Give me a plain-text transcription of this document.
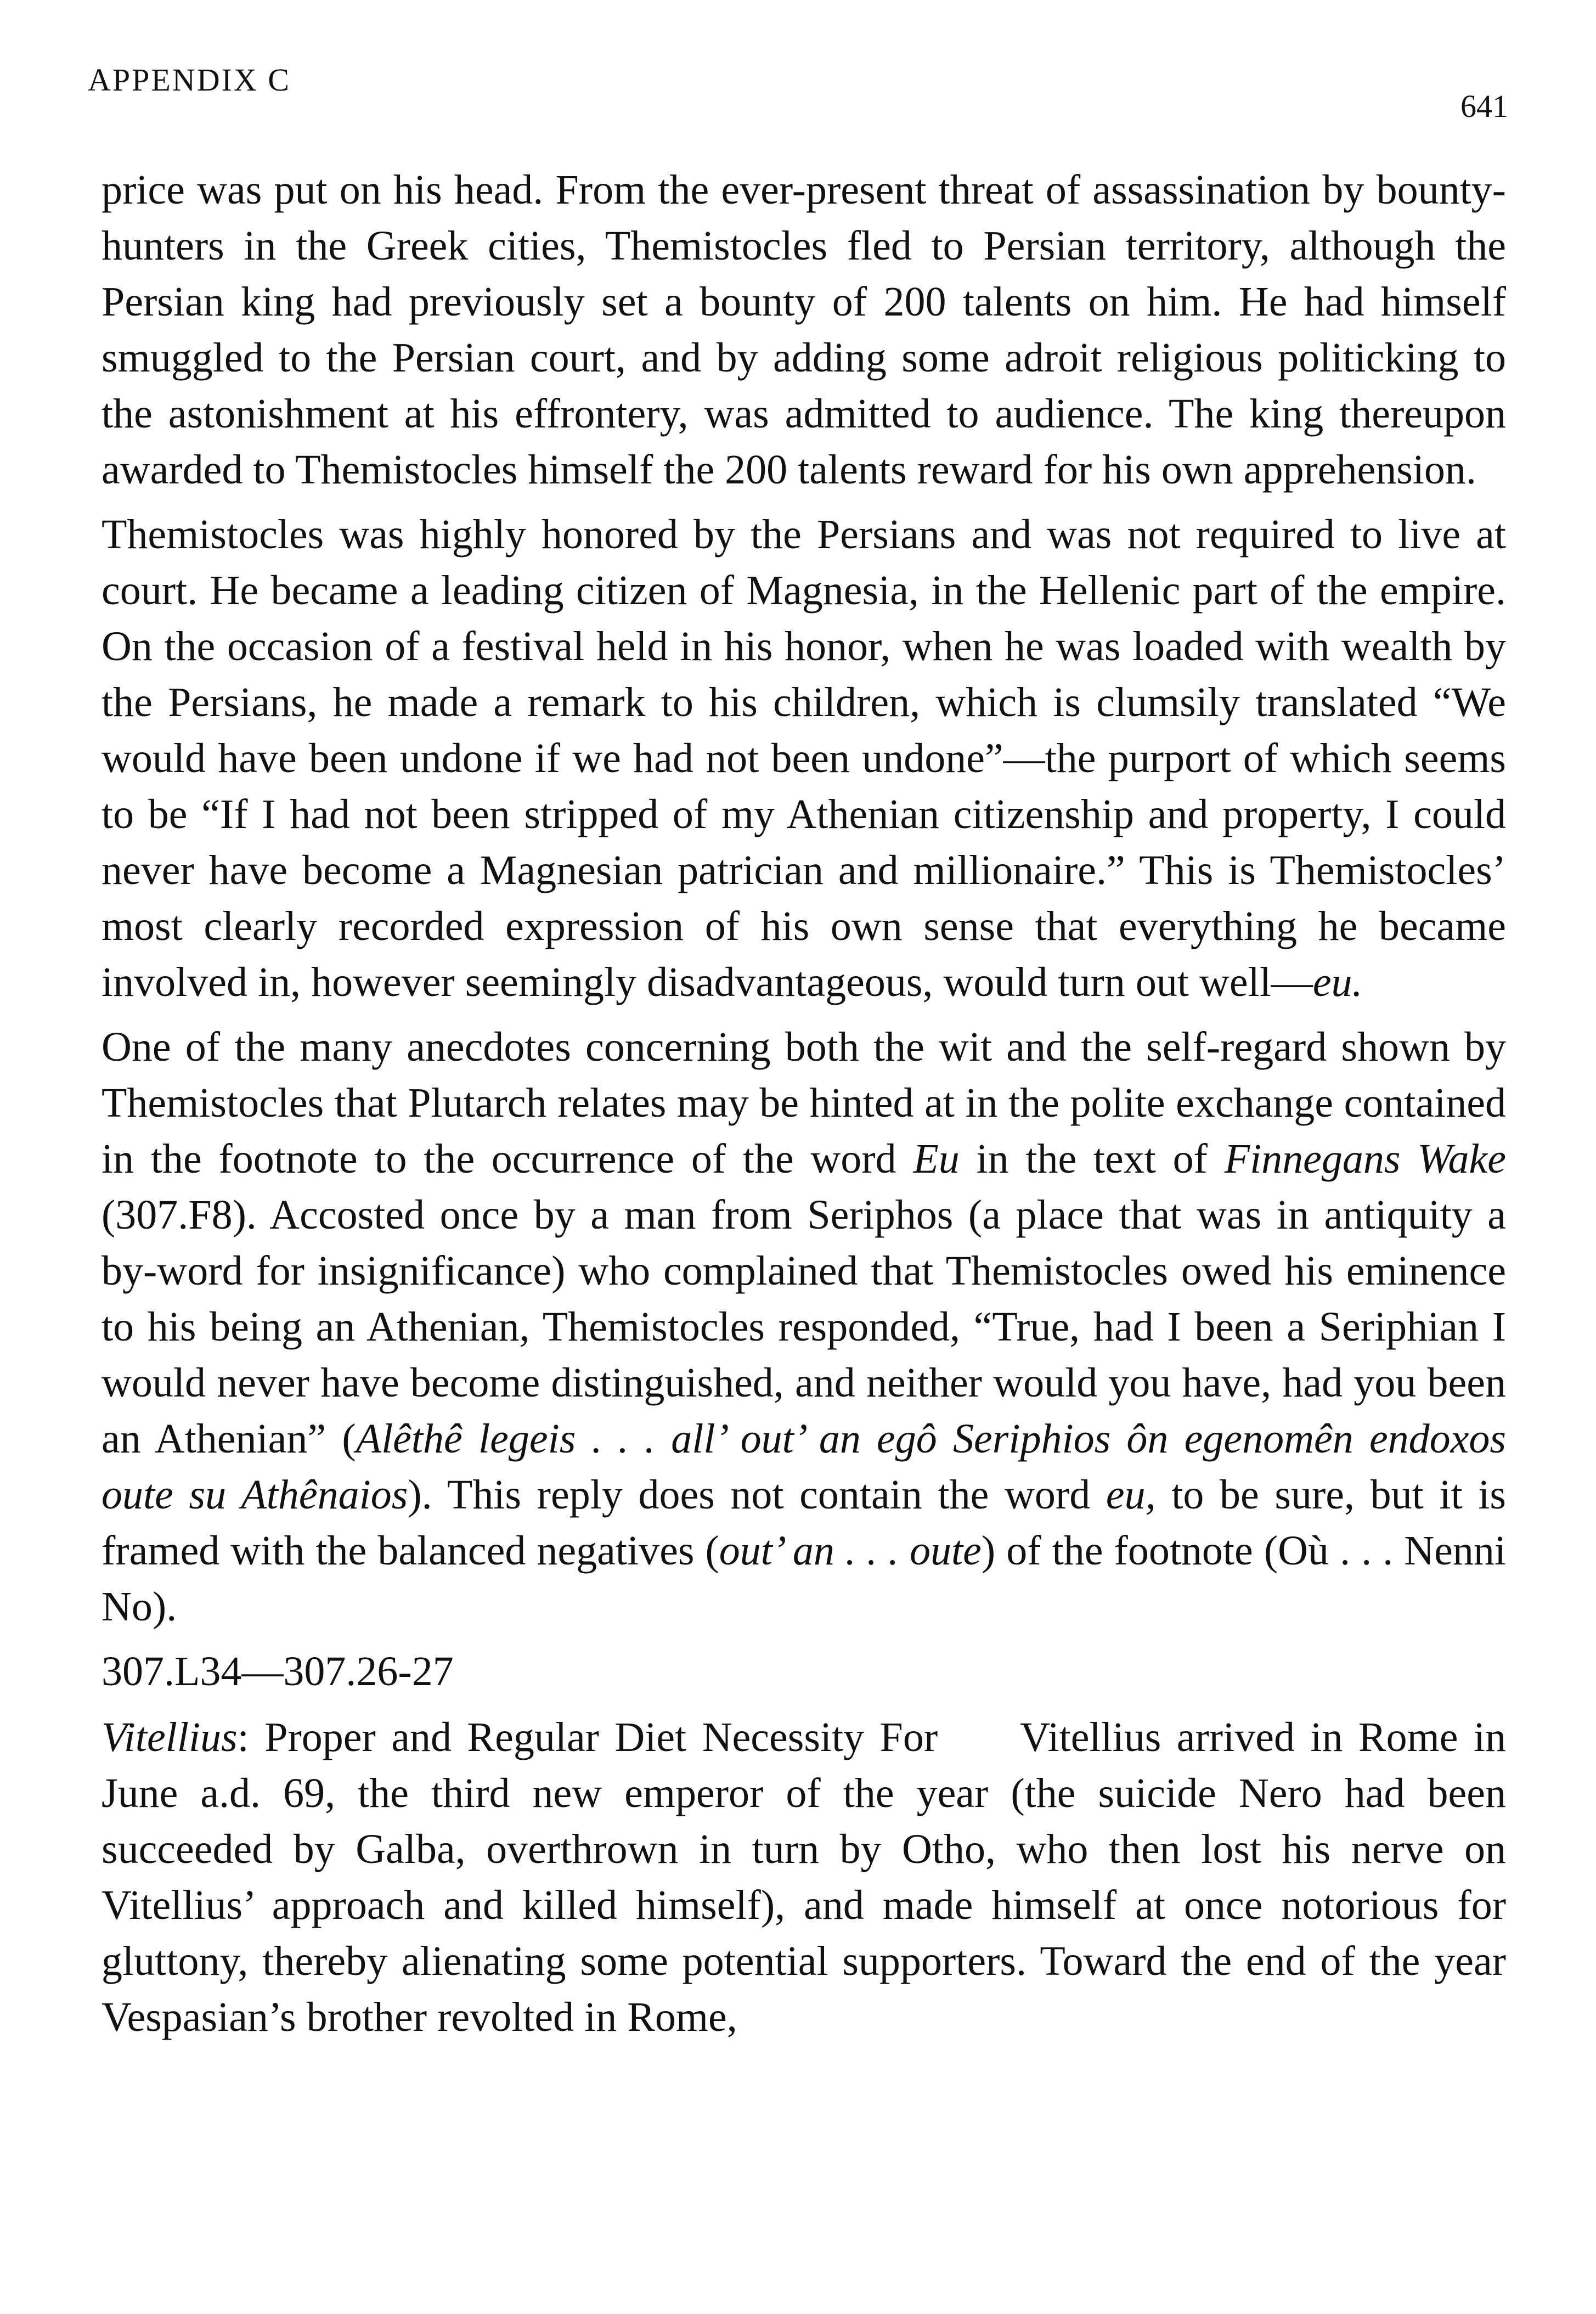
APPENDIX C
641

price was put on his head. From the ever-present threat of assassination by bounty-hunters in the Greek cities, Themistocles fled to Persian territory, although the Persian king had previously set a bounty of 200 talents on him. He had himself smuggled to the Persian court, and by adding some adroit religious politicking to the astonishment at his effrontery, was admitted to audience. The king thereupon awarded to Themistocles himself the 200 talents reward for his own apprehension.

Themistocles was highly honored by the Persians and was not required to live at court. He became a leading citizen of Magnesia, in the Hellenic part of the empire. On the occasion of a festival held in his honor, when he was loaded with wealth by the Persians, he made a remark to his children, which is clumsily translated “We would have been undone if we had not been undone”—the purport of which seems to be “If I had not been stripped of my Athenian citizenship and property, I could never have become a Magnesian patrician and millionaire.” This is Themistocles’ most clearly recorded expression of his own sense that everything he became involved in, however seemingly disadvantageous, would turn out well—eu.

One of the many anecdotes concerning both the wit and the self-regard shown by Themistocles that Plutarch relates may be hinted at in the polite exchange contained in the footnote to the occurrence of the word Eu in the text of Finnegans Wake (307.F8). Accosted once by a man from Seriphos (a place that was in antiquity a by-word for insignificance) who complained that Themistocles owed his eminence to his being an Athenian, Themistocles responded, “True, had I been a Seriphian I would never have become distinguished, and neither would you have, had you been an Athenian” (Alêthê legeis . . . all’ out’ an egô Seriphios ôn egenomên endoxos oute su Athênaios). This reply does not contain the word eu, to be sure, but it is framed with the balanced negatives (out’ an . . . oute) of the footnote (Où . . . Nenni No).

307.L34—307.26-27

Vitellius: Proper and Regular Diet Necessity For Vitellius arrived in Rome in June a.d. 69, the third new emperor of the year (the suicide Nero had been succeeded by Galba, overthrown in turn by Otho, who then lost his nerve on Vitellius’ approach and killed himself), and made himself at once notorious for gluttony, thereby alienating some potential supporters. Toward the end of the year Vespasian’s brother revolted in Rome,
